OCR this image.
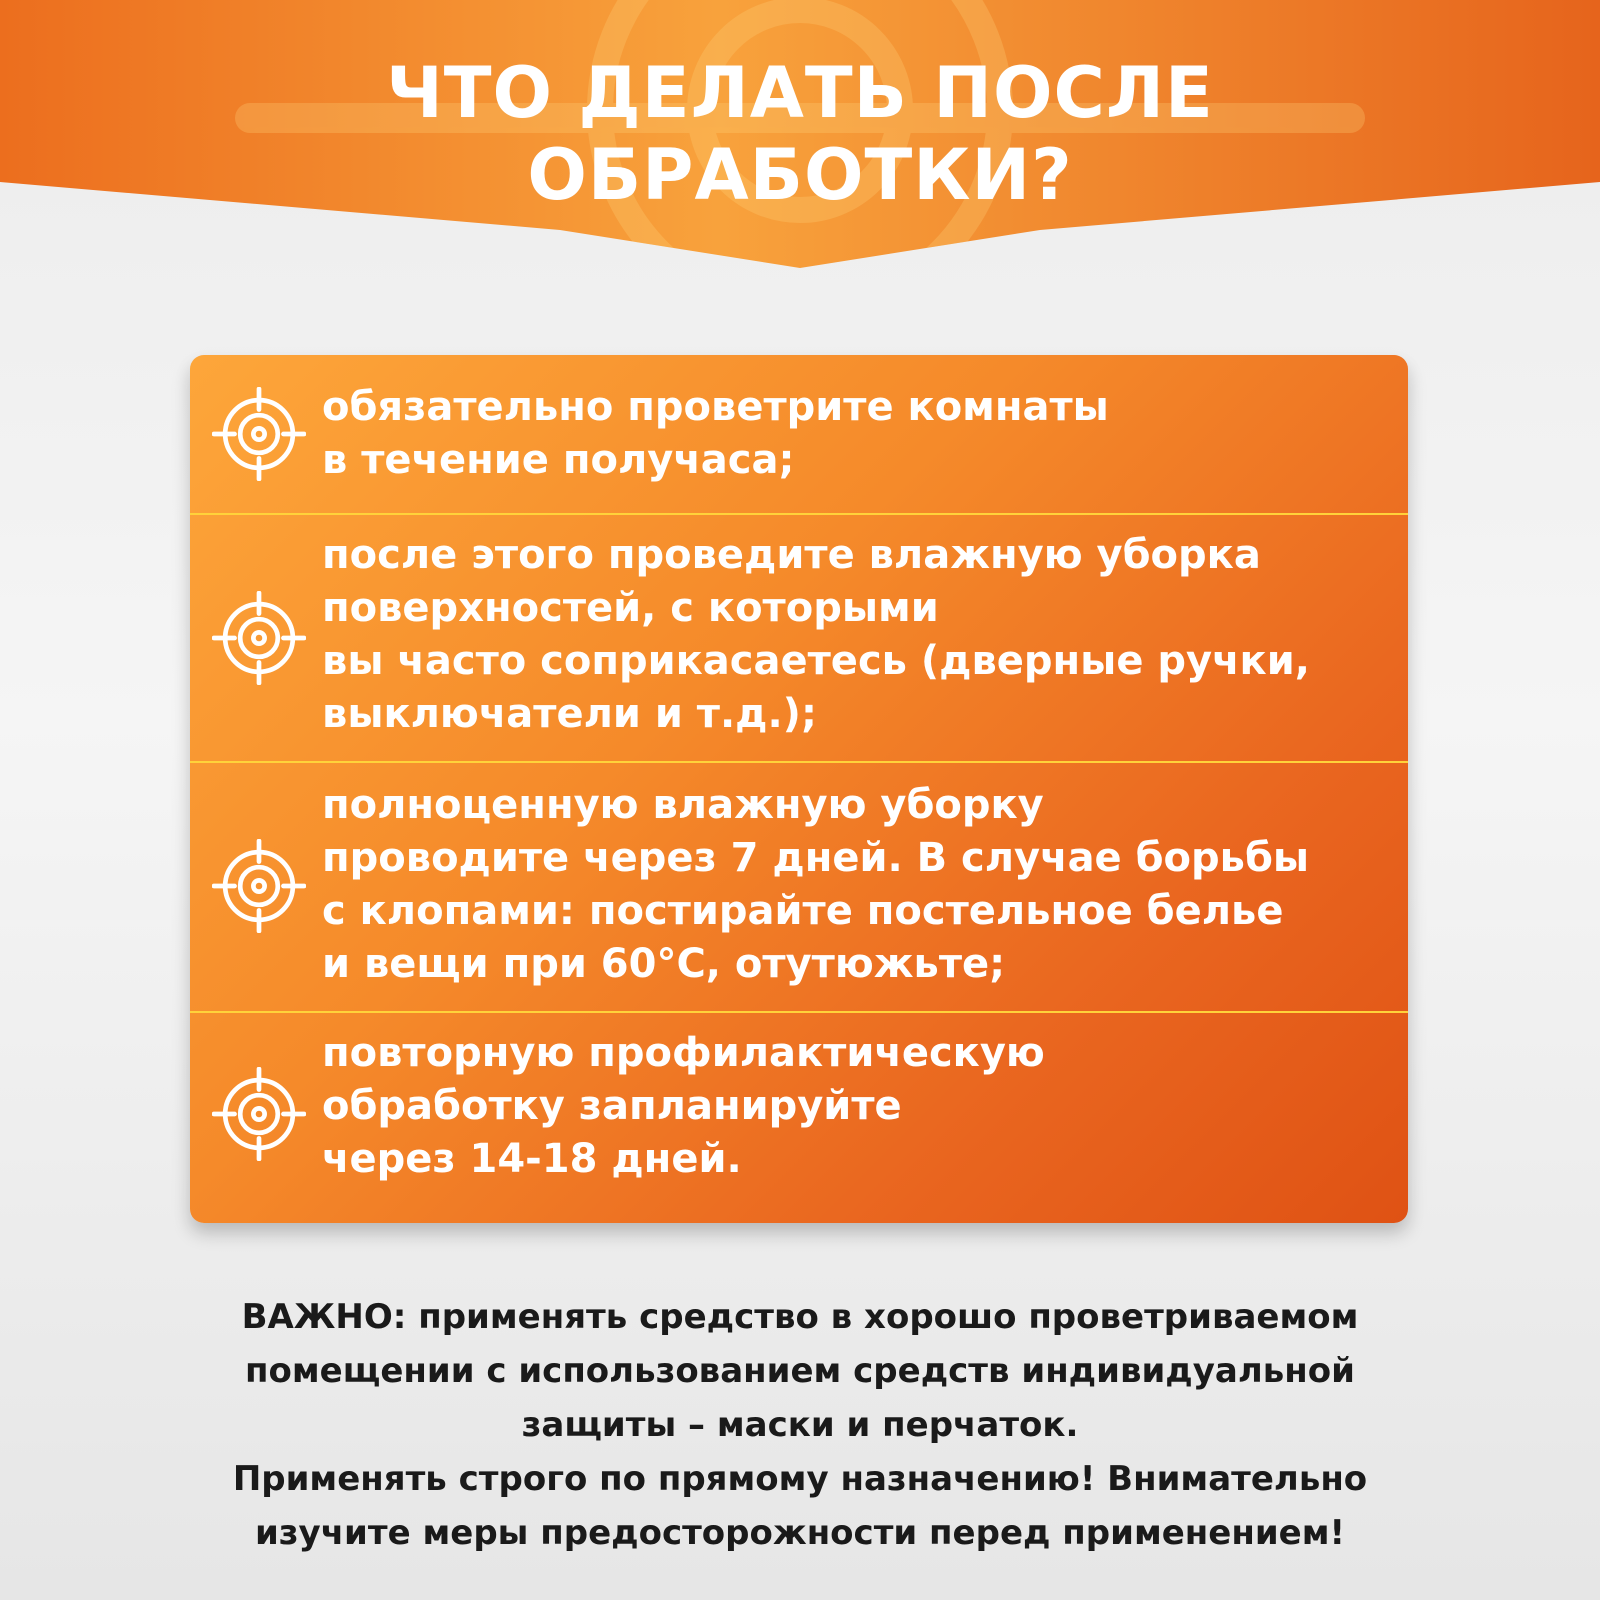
ЧТО ДЕЛАТЬ ПОСЛЕ
ОБРАБОТКИ?

обязательно проветрите комнаты
в течение получаса;

после этого проведите влажную уборка
поверхностей, с которыми
вы часто соприкасаетесь (дверные ручки,
выключатели и т.д.);

полноценную влажную уборку
проводите через 7 дней. В случае борьбы
с клопами: постирайте постельное белье
и вещи при 60°С, отутюжьте;

повторную профилактическую
обработку запланируйте
через 14-18 дней.

ВАЖНО: применять средство в хорошо проветриваемом
помещении с использованием средств индивидуальной
защиты – маски и перчаток.
Применять строго по прямому назначению! Внимательно
изучите меры предосторожности перед применением!
